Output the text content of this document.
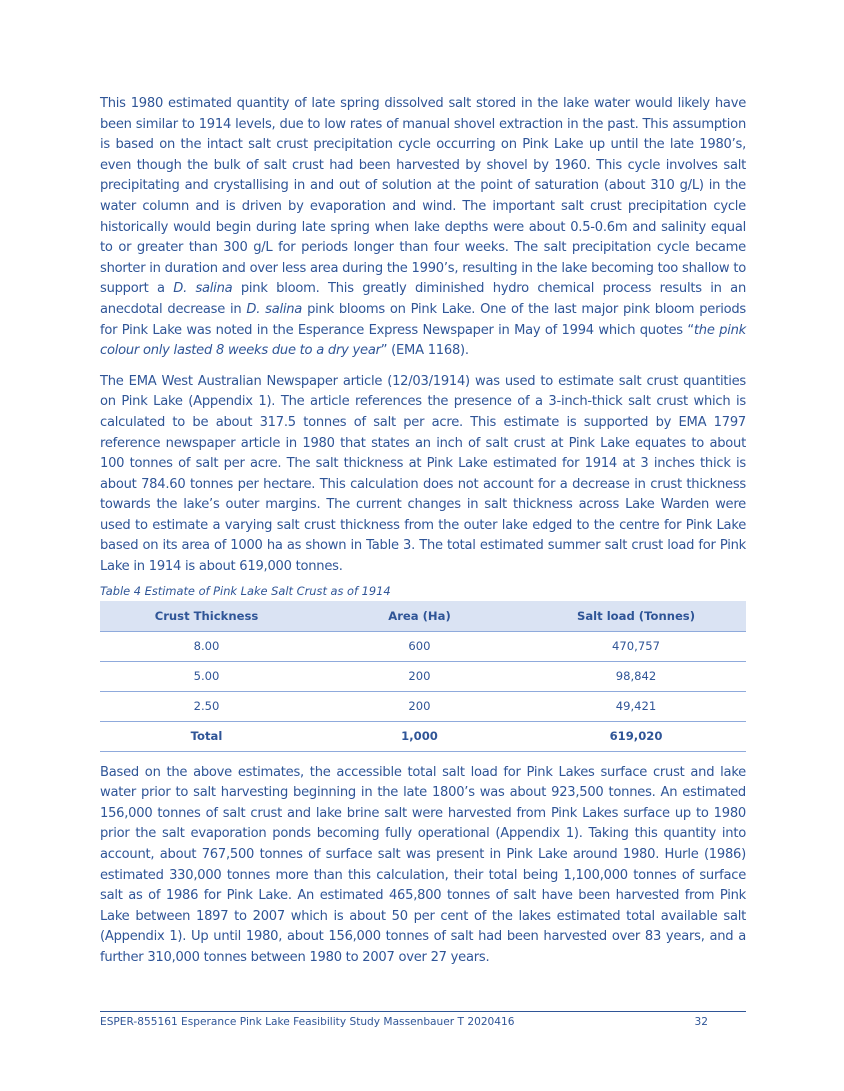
This 1980 estimated quantity of late spring dissolved salt stored in the lake water would likely have been similar to 1914 levels, due to low rates of manual shovel extraction in the past. This assumption is based on the intact salt crust precipitation cycle occurring on Pink Lake up until the late 1980’s, even though the bulk of salt crust had been harvested by shovel by 1960. This cycle involves salt precipitating and crystallising in and out of solution at the point of saturation (about 310 g/L) in the water column and is driven by evaporation and wind. The important salt crust precipitation cycle historically would begin during late spring when lake depths were about 0.5-0.6m and salinity equal to or greater than 300 g/L for periods longer than four weeks. The salt precipitation cycle became shorter in duration and over less area during the 1990’s, resulting in the lake becoming too shallow to support a D. salina pink bloom. This greatly diminished hydro chemical process results in an anecdotal decrease in D. salina pink blooms on Pink Lake. One of the last major pink bloom periods for Pink Lake was noted in the Esperance Express Newspaper in May of 1994 which quotes “the pink colour only lasted 8 weeks due to a dry year” (EMA 1168).

The EMA West Australian Newspaper article (12/03/1914) was used to estimate salt crust quantities on Pink Lake (Appendix 1). The article references the presence of a 3-inch-thick salt crust which is calculated to be about 317.5 tonnes of salt per acre. This estimate is supported by EMA 1797 reference newspaper article in 1980 that states an inch of salt crust at Pink Lake equates to about 100 tonnes of salt per acre. The salt thickness at Pink Lake estimated for 1914 at 3 inches thick is about 784.60 tonnes per hectare. This calculation does not account for a decrease in crust thickness towards the lake’s outer margins. The current changes in salt thickness across Lake Warden were used to estimate a varying salt crust thickness from the outer lake edged to the centre for Pink Lake based on its area of 1000 ha as shown in Table 3. The total estimated summer salt crust load for Pink Lake in 1914 is about 619,000 tonnes.

Table 4 Estimate of Pink Lake Salt Crust as of 1914
Crust Thickness	Area (Ha)	Salt load (Tonnes)
8.00	600	470,757
5.00	200	98,842
2.50	200	49,421
Total	1,000	619,020

Based on the above estimates, the accessible total salt load for Pink Lakes surface crust and lake water prior to salt harvesting beginning in the late 1800’s was about 923,500 tonnes. An estimated 156,000 tonnes of salt crust and lake brine salt were harvested from Pink Lakes surface up to 1980 prior the salt evaporation ponds becoming fully operational (Appendix 1). Taking this quantity into account, about 767,500 tonnes of surface salt was present in Pink Lake around 1980. Hurle (1986) estimated 330,000 tonnes more than this calculation, their total being 1,100,000 tonnes of surface salt as of 1986 for Pink Lake. An estimated 465,800 tonnes of salt have been harvested from Pink Lake between 1897 to 2007 which is about 50 per cent of the lakes estimated total available salt (Appendix 1). Up until 1980, about 156,000 tonnes of salt had been harvested over 83 years, and a further 310,000 tonnes between 1980 to 2007 over 27 years.

ESPER-855161 Esperance Pink Lake Feasibility Study Massenbauer T 2020416	32
